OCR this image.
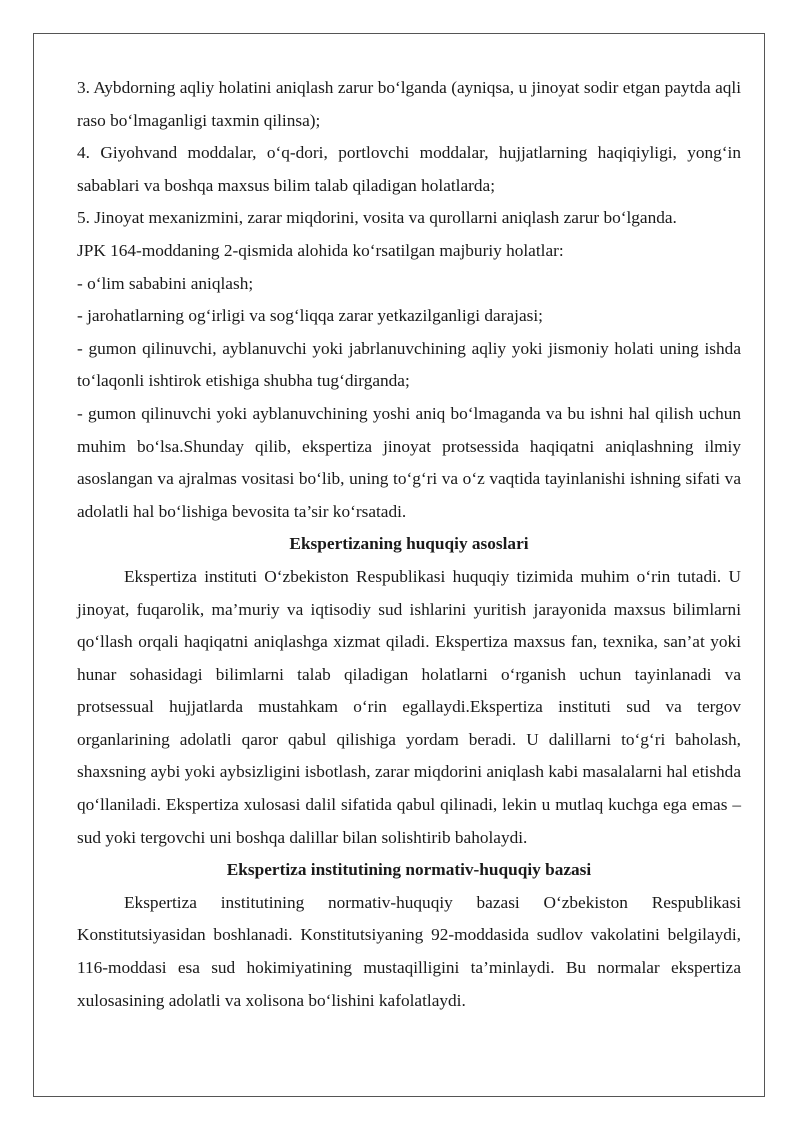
3. Aybdorning aqliy holatini aniqlash zarur bo‘lganda (ayniqsa, u jinoyat sodir etgan paytda aqli raso bo‘lmaganligi taxmin qilinsa);

4. Giyohvand moddalar, o‘q-dori, portlovchi moddalar, hujjatlarning haqiqiyligi, yong‘in sabablari va boshqa maxsus bilim talab qiladigan holatlarda;

5. Jinoyat mexanizmini, zarar miqdorini, vosita va qurollarni aniqlash zarur bo‘lganda.

JPK 164-moddaning 2-qismida alohida ko‘rsatilgan majburiy holatlar:

- o‘lim sababini aniqlash;

- jarohatlarning og‘irligi va sog‘liqqa zarar yetkazilganligi darajasi;

- gumon qilinuvchi, ayblanuvchi yoki jabrlanuvchining aqliy yoki jismoniy holati uning ishda to‘laqonli ishtirok etishiga shubha tug‘dirganda;

- gumon qilinuvchi yoki ayblanuvchining yoshi aniq bo‘lmaganda va bu ishni hal qilish uchun muhim bo‘lsa.Shunday qilib, ekspertiza jinoyat protsessida haqiqatni aniqlashning ilmiy asoslangan va ajralmas vositasi bo‘lib, uning to‘g‘ri va o‘z vaqtida tayinlanishi ishning sifati va adolatli hal bo‘lishiga bevosita ta’sir ko‘rsatadi.

Ekspertizaning huquqiy asoslari

Ekspertiza instituti O‘zbekiston Respublikasi huquqiy tizimida muhim o‘rin tutadi. U jinoyat, fuqarolik, ma’muriy va iqtisodiy sud ishlarini yuritish jarayonida maxsus bilimlarni qo‘llash orqali haqiqatni aniqlashga xizmat qiladi. Ekspertiza maxsus fan, texnika, san’at yoki hunar sohasidagi bilimlarni talab qiladigan holatlarni o‘rganish uchun tayinlanadi va protsessual hujjatlarda mustahkam o‘rin egallaydi.Ekspertiza instituti sud va tergov organlarining adolatli qaror qabul qilishiga yordam beradi. U dalillarni to‘g‘ri baholash, shaxsning aybi yoki aybsizligini isbotlash, zarar miqdorini aniqlash kabi masalalarni hal etishda qo‘llaniladi. Ekspertiza xulosasi dalil sifatida qabul qilinadi, lekin u mutlaq kuchga ega emas – sud yoki tergovchi uni boshqa dalillar bilan solishtirib baholaydi.

Ekspertiza institutining normativ-huquqiy bazasi

Ekspertiza institutining normativ-huquqiy bazasi O‘zbekiston Respublikasi Konstitutsiyasidan boshlanadi. Konstitutsiyaning 92-moddasida sudlov vakolatini belgilaydi, 116-moddasi esa sud hokimiyatining mustaqilligini ta’minlaydi. Bu normalar ekspertiza xulosasining adolatli va xolisona bo‘lishini kafolatlaydi.
